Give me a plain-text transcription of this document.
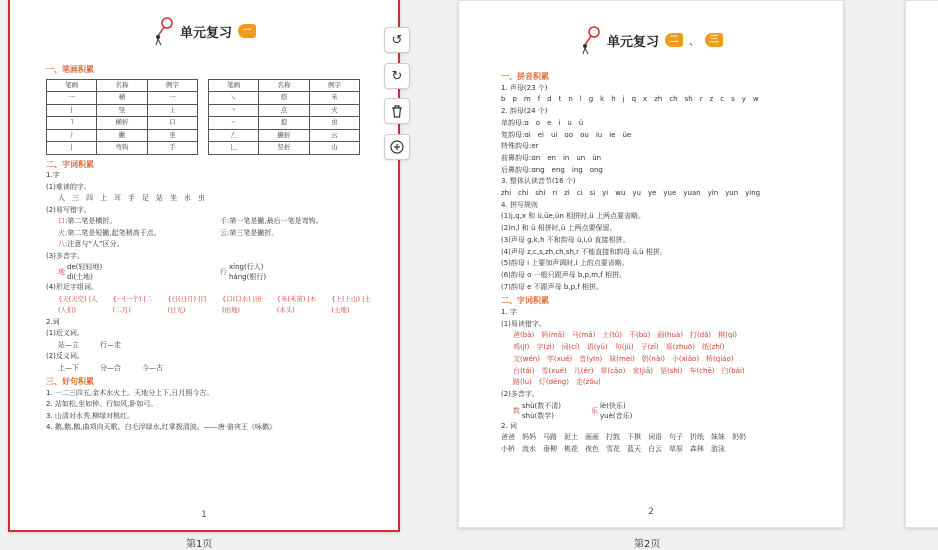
单元复习	一
一、笔画积累
笔画	名称	例字
一	横	一
丨	竖	上
㇕	横折	口
丿	撇	坐
亅	弯钩	手
笔画	名称	例字
㇏	捺	禾
丶	点	火
㇀	提	虫
𠃋	撇折	云
𠃊	竖折	山
二、字词积累
1.字
(1)难读的字。
人　三　四　上　耳　手　足　站　坐　水　虫
(2)易写错字。
口:第二笔是横折。	手:第一笔是撇,最后一笔是弯钩。
火:第二笔是短撇,起笔稍高于点。	云:第三笔是撇折。
八:注意与“人”区分。
(3)多音字。
地
de(轻轻地)
dì(土地)
行
xíng(行人)
háng(银行)
(4)形近字组词。
{天(天空) |人(人们)
{一(一个) |二(二月)
{日(日月) |目(日光)
{口(口水) |田(田地)
{禾(禾苗) |木(木头)
{上(上山) |土(土地)
2.词
(1)近义词。
站—立　　　行—走
(2)反义词。
上—下　　　分—合　　　今—古
三、好句积累
1. 一二三四五,金木水火土。天地分上下,日月照今古。
2. 站如松,坐如钟。行如风,卧如弓。
3. 山清对水秀,柳绿对桃红。
4. 鹅,鹅,鹅,曲项向天歌。白毛浮绿水,红掌拨清波。——唐·骆宾王《咏鹅》
1
第1页
↺
↻
单元复习	二	、	三
一、拼音积累
1. 声母(23 个)
b　p　m　f　d　t　n　l　g　k　h　j　q　x　zh　ch　sh　r　z　c　s　y　w
2. 韵母(24 个)
单韵母:ɑ　o　e　i　u　ü
复韵母:ɑi　ei　ui　ɑo　ou　iu　ie　üe
特殊韵母:er
前鼻韵母:ɑn　en　in　un　ün
后鼻韵母:ɑng　eng　ing　ong
3. 整体认读音节(16 个)
zhi　chi　shi　ri　zi　ci　si　yi　wu　yu　ye　yue　yuan　yin　yun　ying
4. 拼写规则
(1)j,q,x 和 ü,üe,ün 相拼时,ü 上两点要省略。
(2)n,l 和 ü 相拼时,ü 上两点要保留。
(3)声母 g,k,h 不和韵母 ü,i,ü 直接相拼。
(4)声母 z,c,s,zh,ch,sh,r 不能直接和韵母 ü,ü 相拼。
(5)韵母 i 上要加声调时,i 上的点要省略。
(6)韵母 o 一般只跟声母 b,p,m,f 相拼。
(7)韵母 e 不跟声母 b,p,f 相拼。
二、字词积累
1. 字
(1)易读错字。
爸(bà)　妈(mā)　马(mǎ)　土(tǔ)　不(bù)　画(huà)　打(dǎ)　棋(qí)
鸡(jī)　字(zì)　词(cí)　语(yǔ)　句(jù)　子(zǐ)　桌(zhuō)　纸(zhǐ)
文(wén)　学(xué)　音(yīn)　妹(mèi)　奶(nǎi)　小(xiǎo)　桥(qiáo)
台(tái)　雪(xuě)　儿(ér)　草(cǎo)　家(jiā)　是(shì)　车(chē)　白(bái)
路(lù)　灯(dēng)　走(zǒu)
(2)多音字。
数
shù(数不清)
shù(数学)
乐
lè(快乐)
yuè(音乐)
2. 词
爸爸　妈妈　马路　泥土　画画　打鼓　下棋　词语　句子　折纸　妹妹　奶奶
小桥　流水　垂柳　桃花　夜色　雪花　蓝天　白云　草原　森林　游泳
2
第2页
